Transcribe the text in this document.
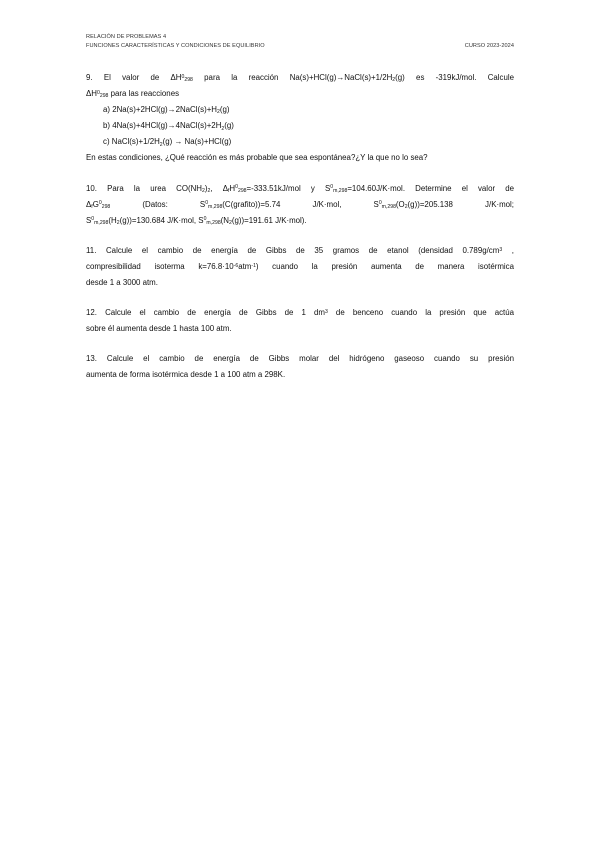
RELACIÓN DE PROBLEMAS 4
FUNCIONES CARACTERÍSTICAS Y CONDICIONES DE EQUILIBRIO	CURSO 2023-2024

9. El valor de $\Delta H^0_{298}$ para la reacción $Na(s)+HCl(g)\to NaCl(s)+1/2H_2(g)$ es -319kJ/mol. Calcule

$\Delta H^0_{298}$ para las reacciones

a) $2Na(s)+2HCl(g)\to 2NaCl(s)+H_2(g)$

b) $4Na(s)+4HCl(g)\to 4NaCl(s)+2H_2(g)$

c) $NaCl(s)+1/2H_2(g) \to Na(s)+HCl(g)$

En estas condiciones, ¿Qué reacción es más probable que sea espontánea?¿Y la que no lo sea?

10. Para la urea $CO(NH_2)_2$, $\Delta_fH^0_{298}=-333.51kJ$/mol y $S^0_{m,298}=104.60J/K\cdot mol$. Determine el valor de

$\Delta_fG^0_{298}$ (Datos: $S^0_{m,298}(C(grafito))=5.74$ J/K·mol, $S^0_{m,298}(O_2(g))=205.138$ J/K·mol;

$S^0_{m,298}(H_2(g))=130.684$ J/K·mol, $S^0_{m,298}(N_2(g))=191.61$ J/K·mol).

11. Calcule el cambio de energía de Gibbs de 35 gramos de etanol (densidad $0.789g/cm^3$ ,

compresibilidad isoterma $k=76.8\cdot 10^{-6}atm^{-1}$) cuando la presión aumenta de manera isotérmica

desde 1 a 3000 atm.

12. Calcule el cambio de energía de Gibbs de 1 $dm^3$ de benceno cuando la presión que actúa

sobre él aumenta desde 1 hasta 100 atm.

13. Calcule el cambio de energía de Gibbs molar del hidrógeno gaseoso cuando su presión

aumenta de forma isotérmica desde 1 a 100 atm a 298K.
